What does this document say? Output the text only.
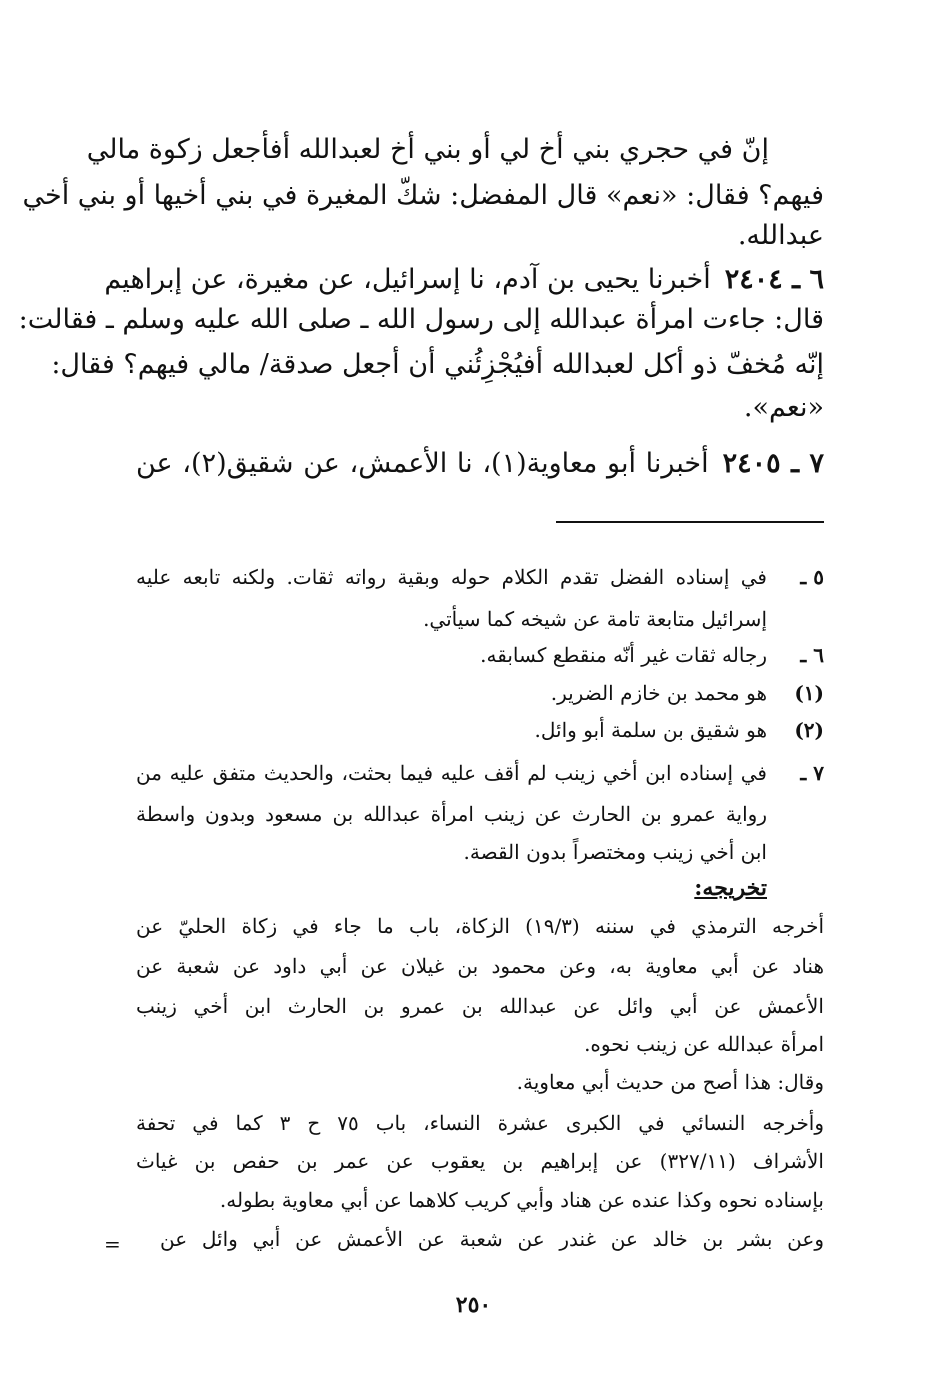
إنّ في حجري بني أخ لي أو بني أخ لعبدالله أفأجعل زكوة مالي
فيهم؟ فقال: «نعم» قال المفضل: شكّ المغيرة في بني أخيها أو بني أخي
عبدالله.
٦ ـ ٢٤٠٤أخبرنا يحيى بن آدم، نا إسرائيل، عن مغيرة، عن إبراهيم
قال: جاءت امرأة عبدالله إلى رسول الله ـ صلى الله عليه وسلم ـ فقالت:
إنّه مُخفّ ذو أكل لعبدالله أفيُجْزِئُني أن أجعل صدقة/ مالي فيهم؟ فقال:
«نعم».
٧ ـ ٢٤٠٥أخبرنا أبو معاوية(١)، نا الأعمش، عن شقيق(٢)، عن
٥ ـ
في إسناده الفضل تقدم الكلام حوله وبقية رواته ثقات. ولكنه تابعه عليه
إسرائيل متابعة تامة عن شيخه كما سيأتي.
٦ ـ
رجاله ثقات غير أنّه منقطع كسابقه.
(١)
هو محمد بن خازم الضرير.
(٢)
هو شقيق بن سلمة أبو وائل.
٧ ـ
في إسناده ابن أخي زينب لم أقف عليه فيما بحثت، والحديث متفق عليه من
رواية عمرو بن الحارث عن زينب امرأة عبدالله بن مسعود وبدون واسطة
ابن أخي زينب ومختصراً بدون القصة.
تخريجه:
أخرجه الترمذي في سننه (١٩/٣) الزكاة، باب ما جاء في زكاة الحليّ عن
هناد عن أبي معاوية به، وعن محمود بن غيلان عن أبي داود عن شعبة عن
الأعمش عن أبي وائل عن عبدالله بن عمرو بن الحارث ابن أخي زينب
امرأة عبدالله عن زينب نحوه.
وقال: هذا أصح من حديث أبي معاوية.
وأخرجه النسائي في الكبرى عشرة النساء، باب ٧٥ ح ٣ كما في تحفة
الأشراف (٣٢٧/١١) عن إبراهيم بن يعقوب عن عمر بن حفص بن غياث
بإسناده نحوه وكذا عنده عن هناد وأبي كريب كلاهما عن أبي معاوية بطوله.
وعن بشر بن خالد عن غندر عن شعبة عن الأعمش عن أبي وائل عن
=
٢٥٠
